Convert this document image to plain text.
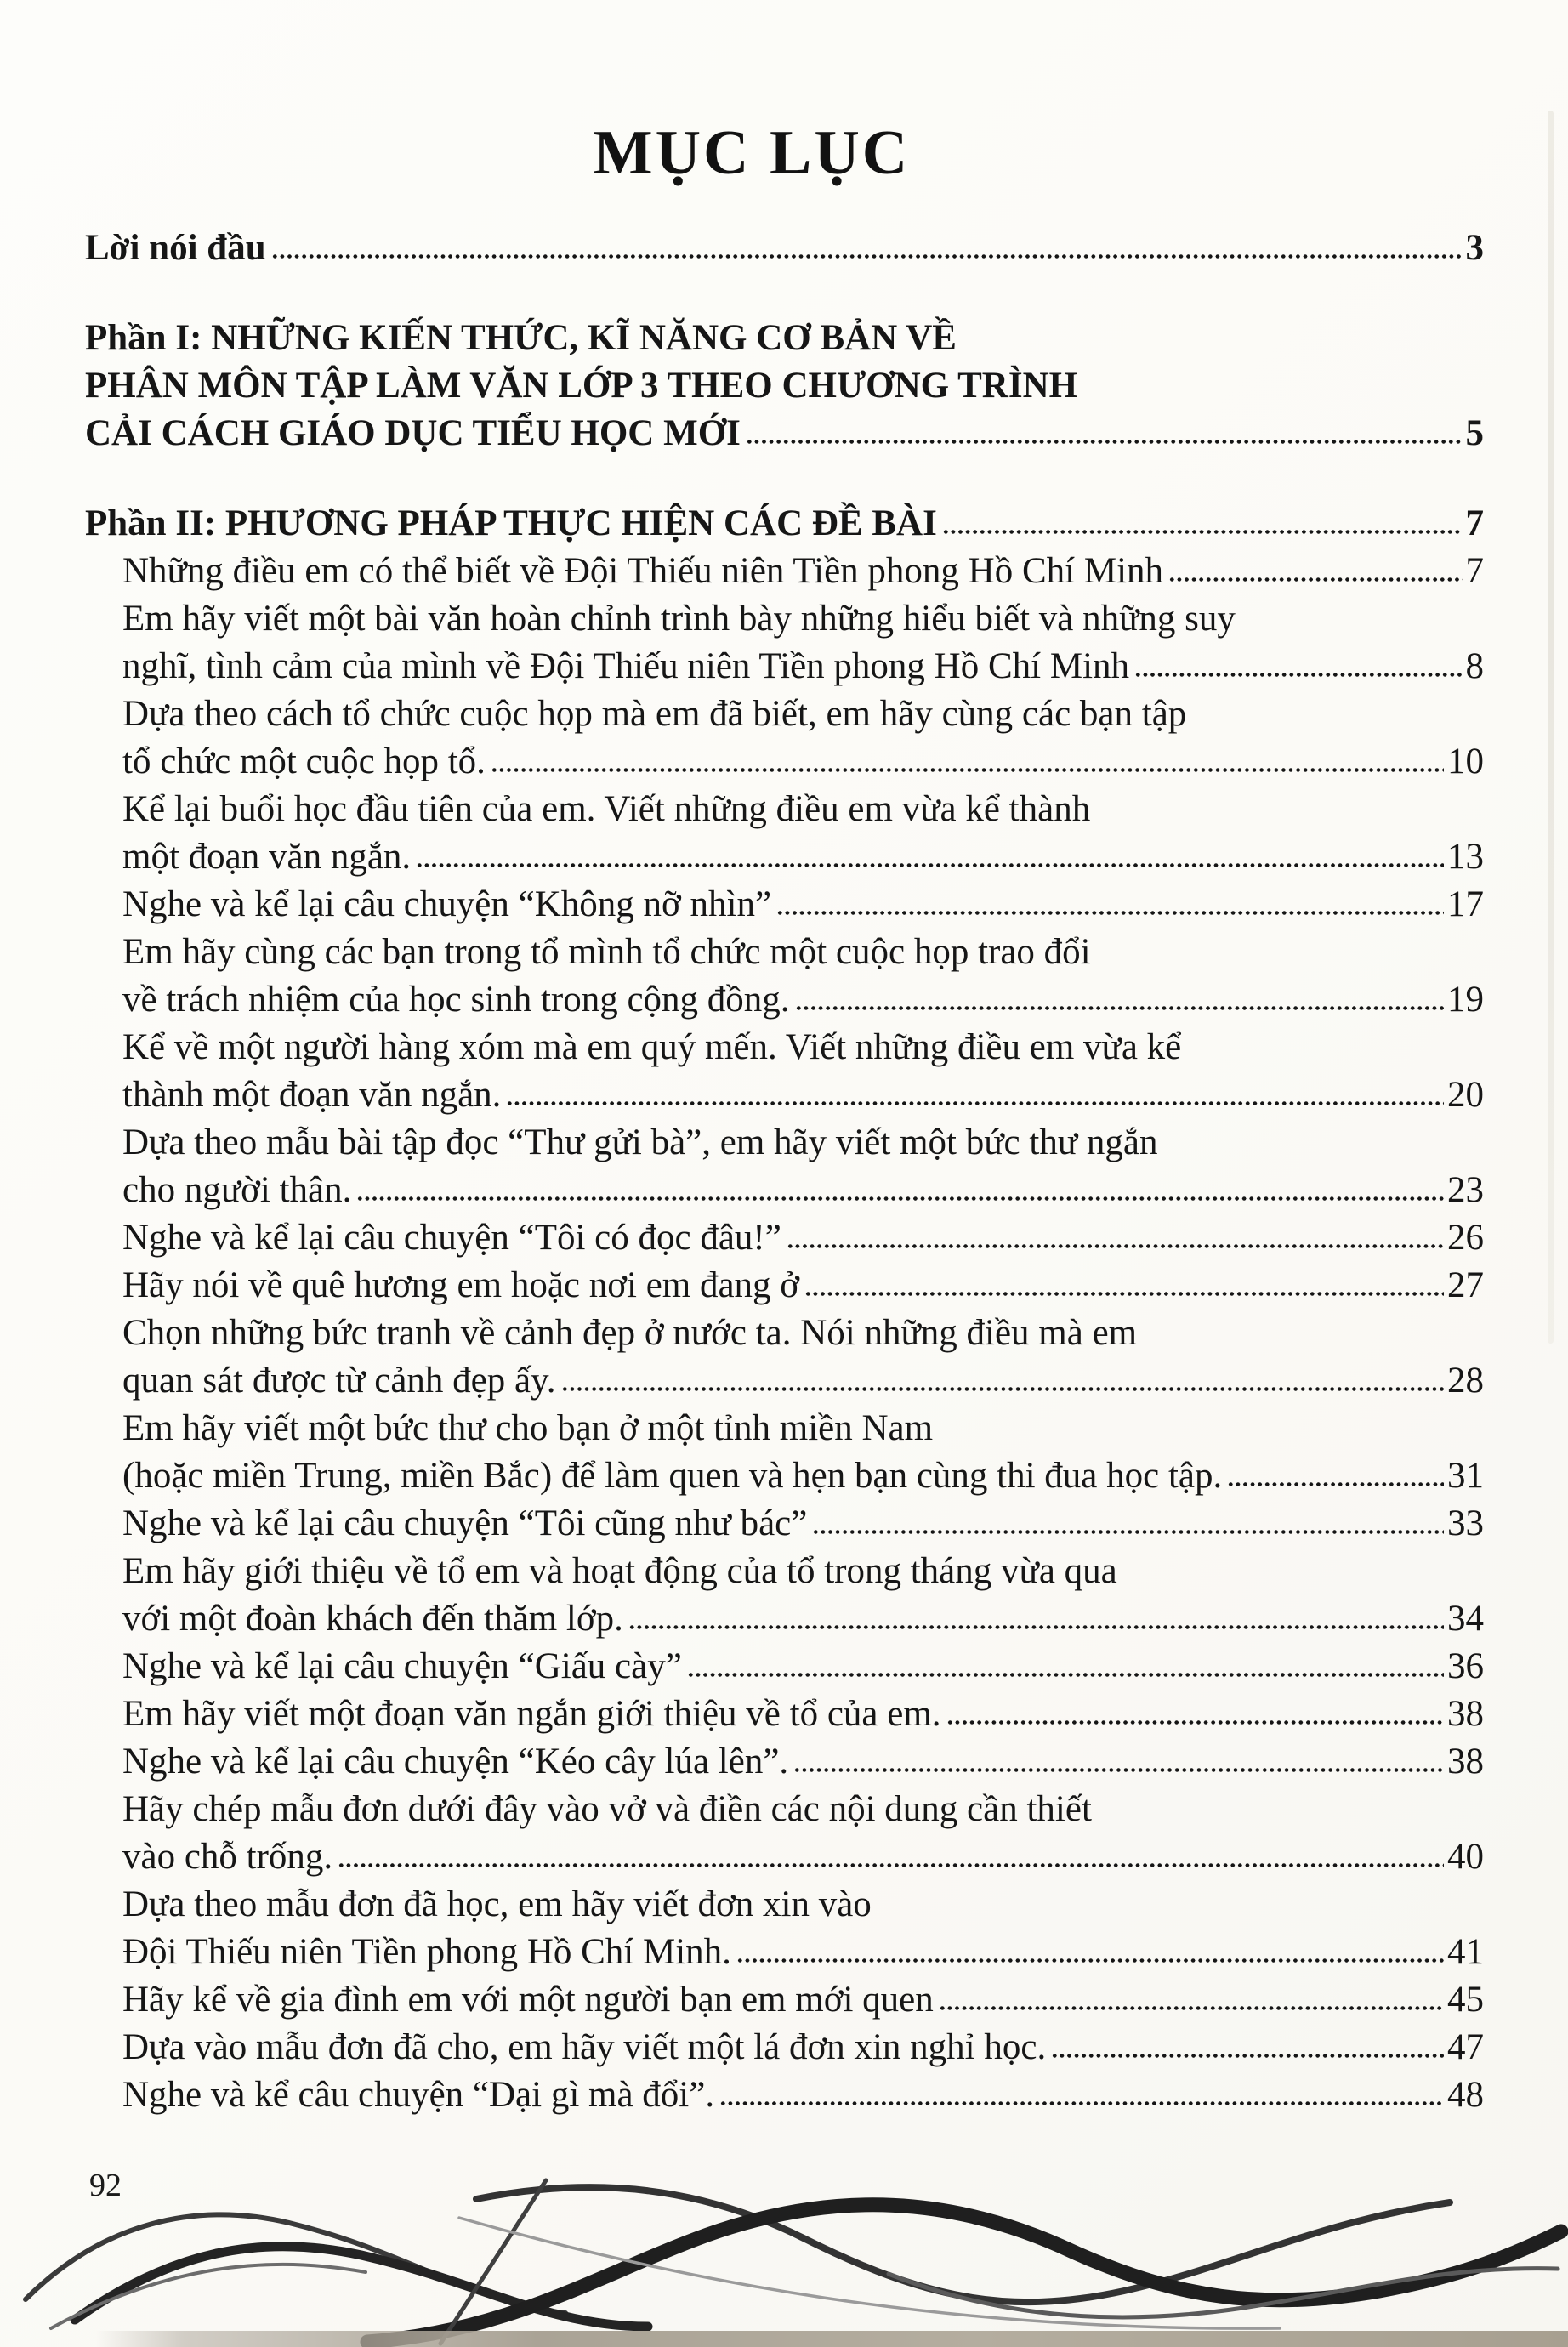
MỤC LỤC
Lời nói đầu	3
Phần I: NHỮNG KIẾN THỨC, KĨ NĂNG CƠ BẢN VỀ
PHÂN MÔN TẬP LÀM VĂN LỚP 3 THEO CHƯƠNG TRÌNH
CẢI CÁCH GIÁO DỤC TIỂU HỌC MỚI	5
Phần II: PHƯƠNG PHÁP THỰC HIỆN CÁC ĐỀ BÀI	7
Những điều em có thể biết về Đội Thiếu niên Tiền phong Hồ Chí Minh	7
Em hãy viết một bài văn hoàn chỉnh trình bày những hiểu biết và những suy
nghĩ, tình cảm của mình về Đội Thiếu niên Tiền phong Hồ Chí Minh	8
Dựa theo cách tổ chức cuộc họp mà em đã biết, em hãy cùng các bạn tập
tổ chức một cuộc họp tổ.	10
Kể lại buổi học đầu tiên của em. Viết những điều em vừa kể thành
một đoạn văn ngắn.	13
Nghe và kể lại câu chuyện “Không nỡ nhìn”	17
Em hãy cùng các bạn trong tổ mình tổ chức một cuộc họp trao đổi
về trách nhiệm của học sinh trong cộng đồng.	19
Kể về một người hàng xóm mà em quý mến. Viết những điều em vừa kể
thành một đoạn văn ngắn.	20
Dựa theo mẫu bài tập đọc “Thư gửi bà”, em hãy viết một bức thư ngắn
cho người thân.	23
Nghe và kể lại câu chuyện “Tôi có đọc đâu!”	26
Hãy nói về quê hương em hoặc nơi em đang ở	27
Chọn những bức tranh về cảnh đẹp ở nước ta. Nói những điều mà em
quan sát được từ cảnh đẹp ấy.	28
Em hãy viết một bức thư cho bạn ở một tỉnh miền Nam
(hoặc miền Trung, miền Bắc) để làm quen và hẹn bạn cùng thi đua học tập.	31
Nghe và kể lại câu chuyện “Tôi cũng như bác”	33
Em hãy giới thiệu về tổ em và hoạt động của tổ trong tháng vừa qua
với một đoàn khách đến thăm lớp.	34
Nghe và kể lại câu chuyện “Giấu cày”	36
Em hãy viết một đoạn văn ngắn giới thiệu về tổ của em.	38
Nghe và kể lại câu chuyện “Kéo cây lúa lên”.	38
Hãy chép mẫu đơn dưới đây vào vở và điền các nội dung cần thiết
vào chỗ trống.	40
Dựa theo mẫu đơn đã học, em hãy viết đơn xin vào
Đội Thiếu niên Tiền phong Hồ Chí Minh.	41
Hãy kể về gia đình em với một người bạn em mới quen	45
Dựa vào mẫu đơn đã cho, em hãy viết một lá đơn xin nghỉ học.	47
Nghe và kể câu chuyện “Dại gì mà đổi”.	48
92
